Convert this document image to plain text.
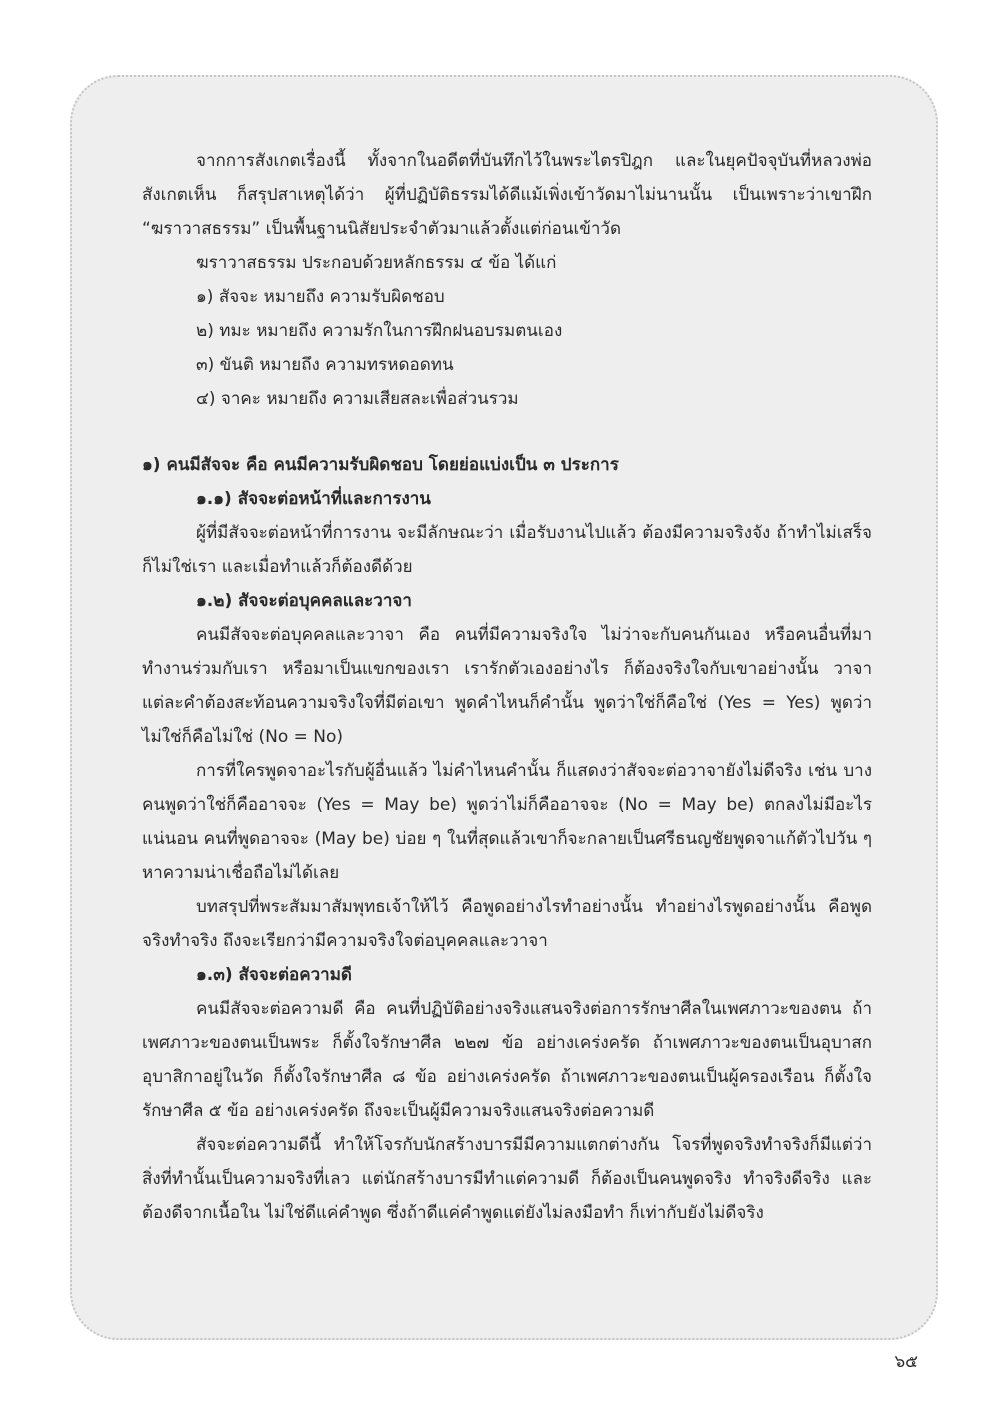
จากการสังเกตเรื่องนี้ ทั้งจากในอดีตที่บันทึกไว้ในพระไตรปิฎก และในยุคปัจจุบันที่หลวงพ่อสังเกตเห็น ก็สรุปสาเหตุได้ว่า ผู้ที่ปฏิบัติธรรมได้ดีแม้เพิ่งเข้าวัดมาไม่นานนั้น เป็นเพราะว่าเขาฝึก “ฆราวาสธรรม” เป็นพื้นฐานนิสัยประจำตัวมาแล้วตั้งแต่ก่อนเข้าวัด

ฆราวาสธรรม ประกอบด้วยหลักธรรม ๔ ข้อ ได้แก่

๑) สัจจะ หมายถึง ความรับผิดชอบ

๒) ทมะ หมายถึง ความรักในการฝึกฝนอบรมตนเอง

๓) ขันติ หมายถึง ความทรหดอดทน

๔) จาคะ หมายถึง ความเสียสละเพื่อส่วนรวม

๑) คนมีสัจจะ คือ คนมีความรับผิดชอบ โดยย่อแบ่งเป็น ๓ ประการ

๑.๑) สัจจะต่อหน้าที่และการงาน

ผู้ที่มีสัจจะต่อหน้าที่การงาน จะมีลักษณะว่า เมื่อรับงานไปแล้ว ต้องมีความจริงจัง ถ้าทำไม่เสร็จก็ไม่ใช่เรา และเมื่อทำแล้วก็ต้องดีด้วย

๑.๒) สัจจะต่อบุคคลและวาจา

คนมีสัจจะต่อบุคคลและวาจา คือ คนที่มีความจริงใจ ไม่ว่าจะกับคนกันเอง หรือคนอื่นที่มาทำงานร่วมกับเรา หรือมาเป็นแขกของเรา เรารักตัวเองอย่างไร ก็ต้องจริงใจกับเขาอย่างนั้น วาจาแต่ละคำต้องสะท้อนความจริงใจที่มีต่อเขา พูดคำไหนก็คำนั้น พูดว่าใช่ก็คือใช่ (Yes = Yes) พูดว่าไม่ใช่ก็คือไม่ใช่ (No = No)

การที่ใครพูดจาอะไรกับผู้อื่นแล้ว ไม่คำไหนคำนั้น ก็แสดงว่าสัจจะต่อวาจายังไม่ดีจริง เช่น บางคนพูดว่าใช่ก็คืออาจจะ (Yes = May be) พูดว่าไม่ก็คืออาจจะ (No = May be) ตกลงไม่มีอะไรแน่นอน คนที่พูดอาจจะ (May be) บ่อย ๆ ในที่สุดแล้วเขาก็จะกลายเป็นศรีธนญชัยพูดจาแก้ตัวไปวัน ๆ หาความน่าเชื่อถือไม่ได้เลย

บทสรุปที่พระสัมมาสัมพุทธเจ้าให้ไว้ คือพูดอย่างไรทำอย่างนั้น ทำอย่างไรพูดอย่างนั้น คือพูดจริงทำจริง ถึงจะเรียกว่ามีความจริงใจต่อบุคคลและวาจา

๑.๓) สัจจะต่อความดี

คนมีสัจจะต่อความดี คือ คนที่ปฏิบัติอย่างจริงแสนจริงต่อการรักษาศีลในเพศภาวะของตน ถ้าเพศภาวะของตนเป็นพระ ก็ตั้งใจรักษาศีล ๒๒๗ ข้อ อย่างเคร่งครัด ถ้าเพศภาวะของตนเป็นอุบาสกอุบาสิกาอยู่ในวัด ก็ตั้งใจรักษาศีล ๘ ข้อ อย่างเคร่งครัด ถ้าเพศภาวะของตนเป็นผู้ครองเรือน ก็ตั้งใจรักษาศีล ๕ ข้อ อย่างเคร่งครัด ถึงจะเป็นผู้มีความจริงแสนจริงต่อความดี

สัจจะต่อความดีนี้ ทำให้โจรกับนักสร้างบารมีมีความแตกต่างกัน โจรที่พูดจริงทำจริงก็มีแต่ว่าสิ่งที่ทำนั้นเป็นความจริงที่เลว แต่นักสร้างบารมีทำแต่ความดี ก็ต้องเป็นคนพูดจริง ทำจริงดีจริง และต้องดีจากเนื้อใน ไม่ใช่ดีแค่คำพูด ซึ่งถ้าดีแค่คำพูดแต่ยังไม่ลงมือทำ ก็เท่ากับยังไม่ดีจริง

๖๕
